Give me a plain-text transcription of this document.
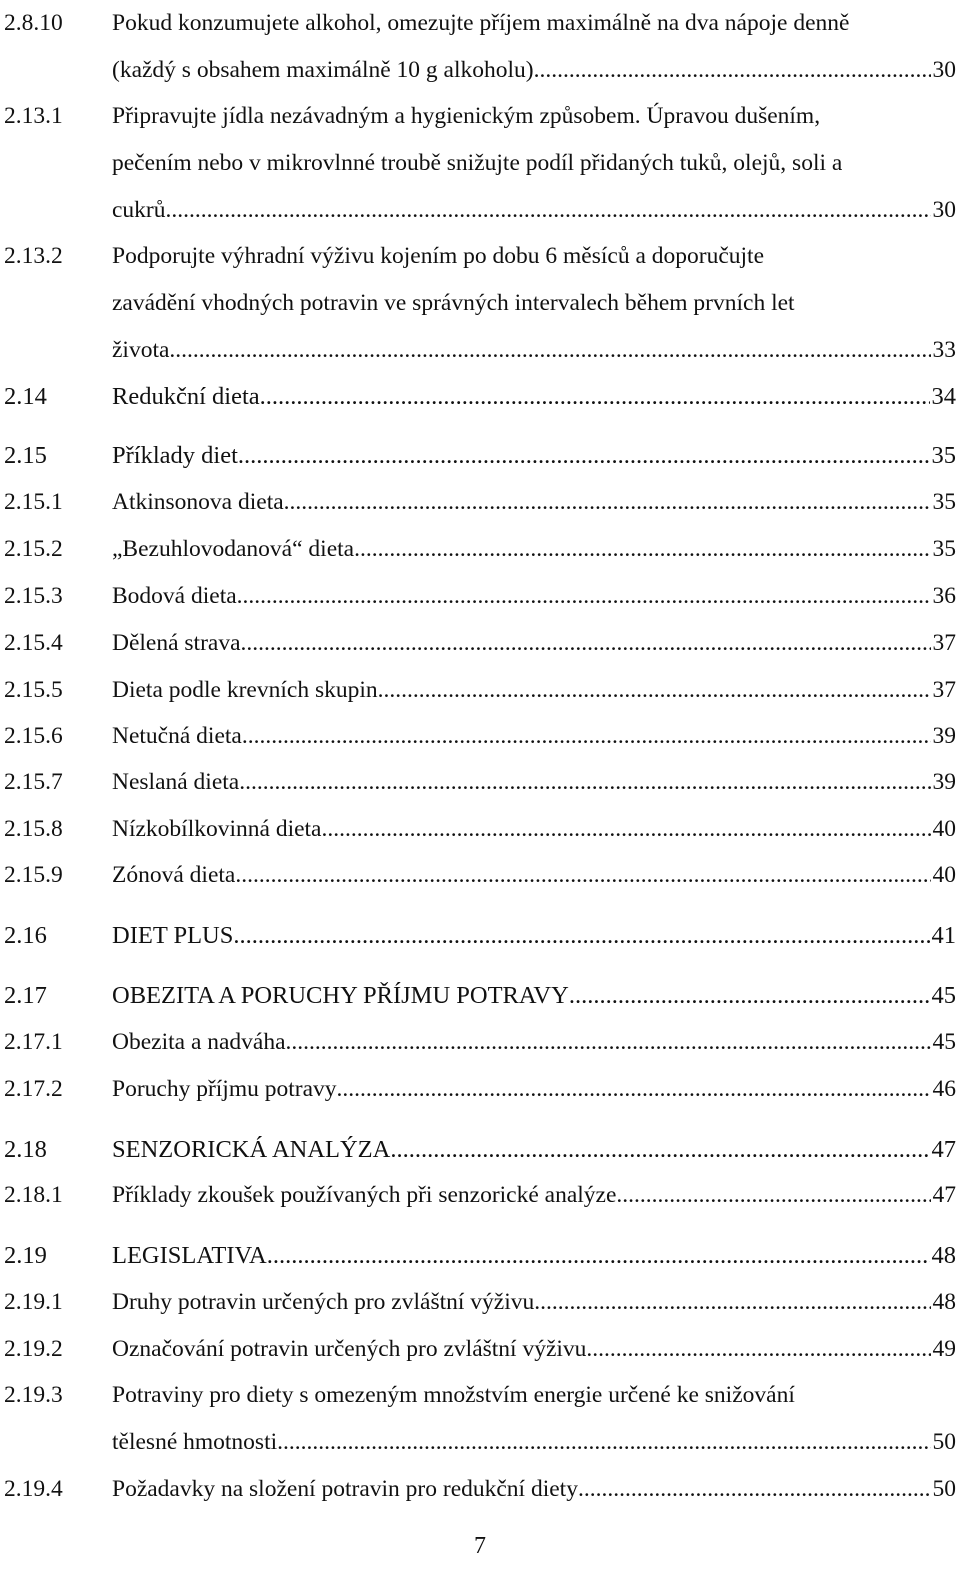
2.8.10 Pokud konzumujete alkohol, omezujte příjem maximálně na dva nápoje denně
(každý s obsahem maximálně 10 g alkoholu). .....	30
2.13.1 Připravujte jídla nezávadným a hygienickým způsobem. Úpravou dušením,
pečením nebo v mikrovlnné troubě snižujte podíl přidaných tuků, olejů, soli a
cukrů. .....	30
2.13.2 Podporujte výhradní výživu kojením po dobu 6 měsíců a doporučujte
zavádění vhodných potravin ve správných intervalech během prvních let
života .....	33
2.14	Redukční dieta .....	34
2.15	Příklady diet .....	35
2.15.1 Atkinsonova dieta .....	35
2.15.2 „Bezuhlovodanová“ dieta .....	35
2.15.3 Bodová dieta .....	36
2.15.4 Dělená strava .....	37
2.15.5 Dieta podle krevních skupin .....	37
2.15.6 Netučná dieta .....	39
2.15.7 Neslaná dieta .....	39
2.15.8 Nízkobílkovinná dieta .....	40
2.15.9 Zónová dieta .....	40
2.16	DIET PLUS .....	41
2.17	OBEZITA A PORUCHY PŘÍJMU POTRAVY .....	45
2.17.1 Obezita a nadváha .....	45
2.17.2 Poruchy příjmu potravy .....	46
2.18	SENZORICKÁ ANALÝZA .....	47
2.18.1 Příklady zkoušek používaných při senzorické analýze .....	47
2.19	LEGISLATIVA .....	48
2.19.1 Druhy potravin určených pro zvláštní výživu .....	48
2.19.2 Označování potravin určených pro zvláštní výživu .....	49
2.19.3 Potraviny pro diety s omezeným množstvím energie určené ke snižování
tělesné hmotnosti .....	50
2.19.4 Požadavky na složení potravin pro redukční diety .....	50
7
